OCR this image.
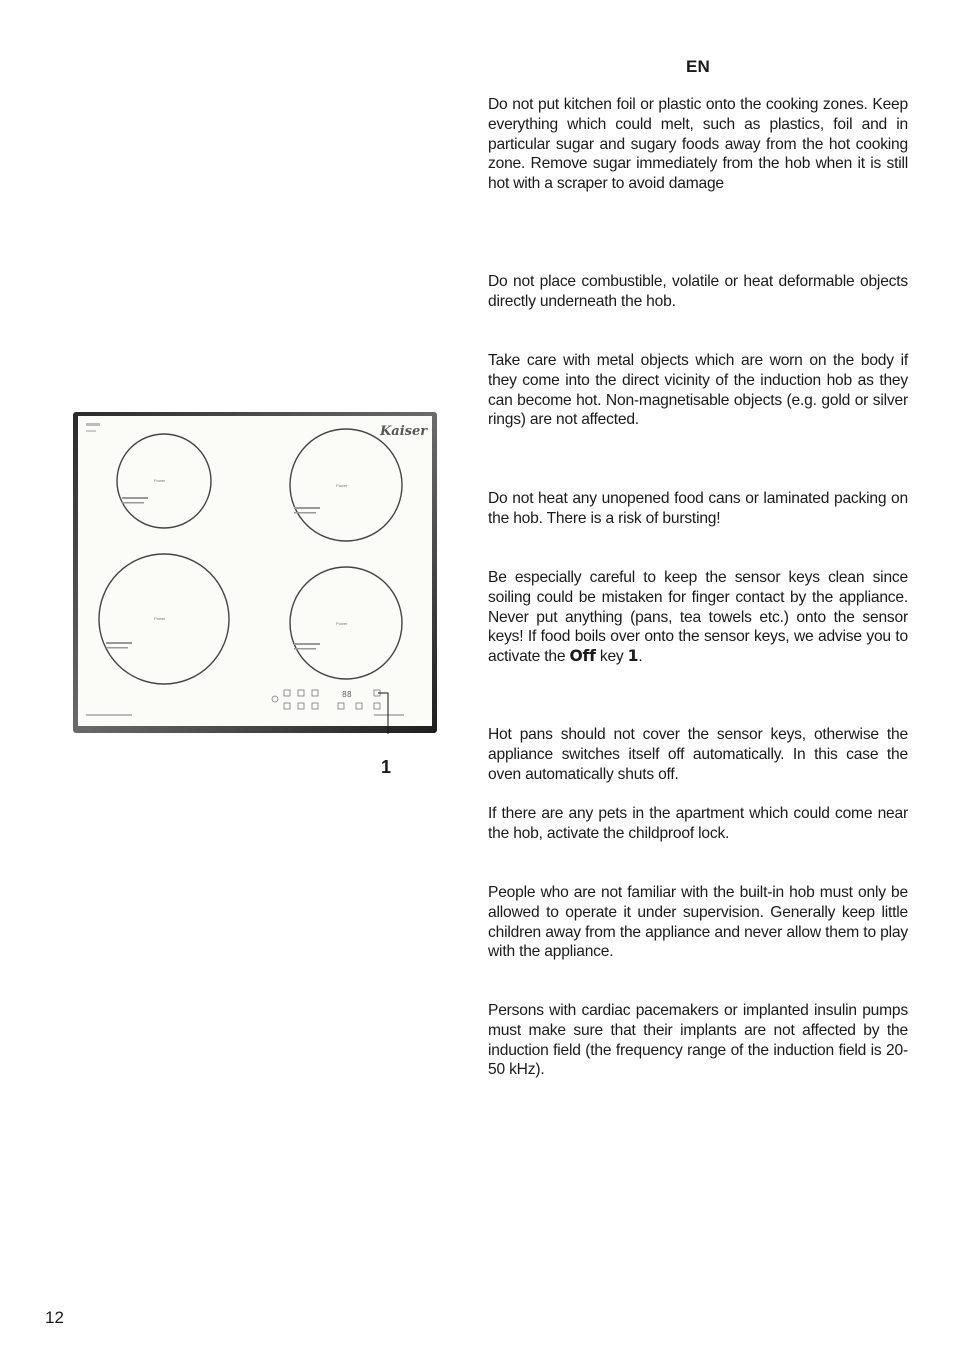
EN

Do not put kitchen foil or plastic onto the cooking zones. Keep everything which could melt, such as plastics, foil and in particular sugar and sugary foods away from the hot cooking zone. Remove sugar immediately from the hob when it is still hot with a scraper to avoid damage

Do not place combustible, volatile or heat deformable objects directly underneath the hob.

Take care with metal objects which are worn on the body if they come into the direct vicinity of the induction hob as they can become hot. Non-magnetisable objects (e.g. gold or silver rings) are not affected.

Do not heat any unopened food cans or laminated packing on the hob. There is a risk of bursting!

Be especially careful to keep the sensor keys clean since soiling could be mistaken for finger contact by the appliance. Never put anything (pans, tea towels etc.) onto the sensor keys! If food boils over onto the sensor keys, we advise you to activate the Off key 1.

Hot pans should not cover the sensor keys, otherwise the appliance switches itself off automatically. In this case the oven automatically shuts off.

If there are any pets in the apartment which could come near the hob, activate the childproof lock.

People who are not familiar with the built-in hob must only be allowed to operate it under supervision. Generally keep little children away from the appliance and never allow them to play with the appliance.

Persons with cardiac pacemakers or implanted insulin pumps must make sure that their implants are not affected by the induction field (the frequency range of the induction field is 20-50 kHz).

Kaiser
Power
Power
Power
Power
88
1
12
